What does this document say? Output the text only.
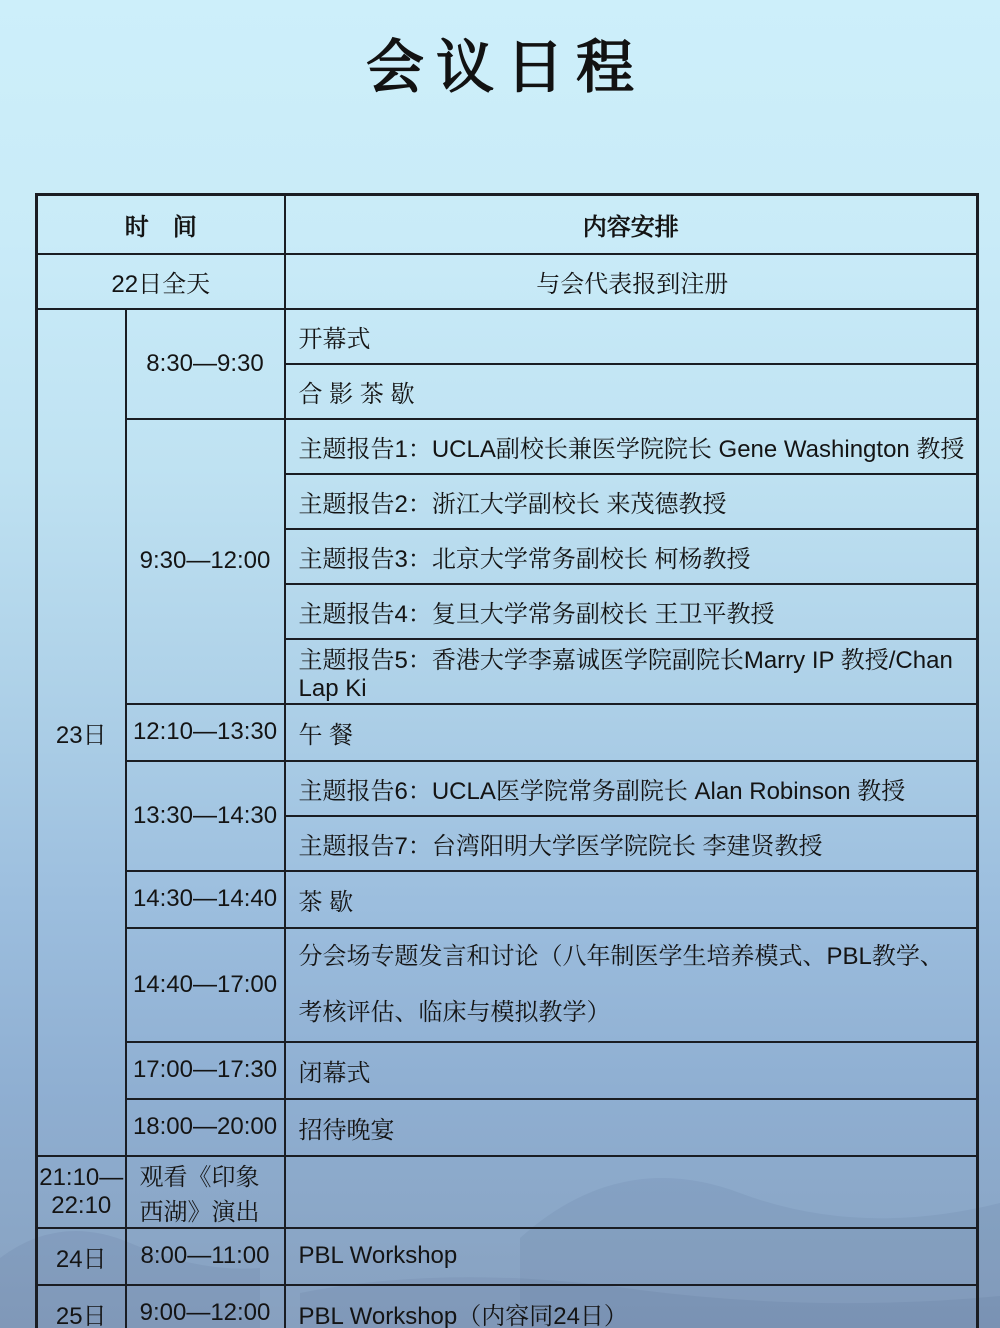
会议日程
时　间		内容安排
22日全天		与会代表报到注册
23日	8:30—9:30	开幕式
		合 影 茶 歇

9:30—12:00	主题报告1：UCLA副校长兼医学院院长 Gene Washington 教授
		主题报告2：浙江大学副校长 来茂德教授
		主题报告3：北京大学常务副校长 柯杨教授
		主题报告4：复旦大学常务副校长 王卫平教授
		主题报告5：香港大学李嘉诚医学院副院长Marry IP 教授/Chan Lap Ki

12:10—13:30	午 餐

13:30—14:30	主题报告6：UCLA医学院常务副院长 Alan Robinson 教授
		主题报告7：台湾阳明大学医学院院长 李建贤教授

14:30—14:40	茶 歇

14:40—17:00	分会场专题发言和讨论（八年制医学生培养模式、PBL教学、考核评估、临床与模拟教学）

17:00—17:30	闭幕式

18:00—20:00	招待晚宴

21:10—22:10	观看《印象西湖》演出	
24日	8:00—11:00	PBL Workshop
25日	9:00—12:00	PBL Workshop（内容同24日）
